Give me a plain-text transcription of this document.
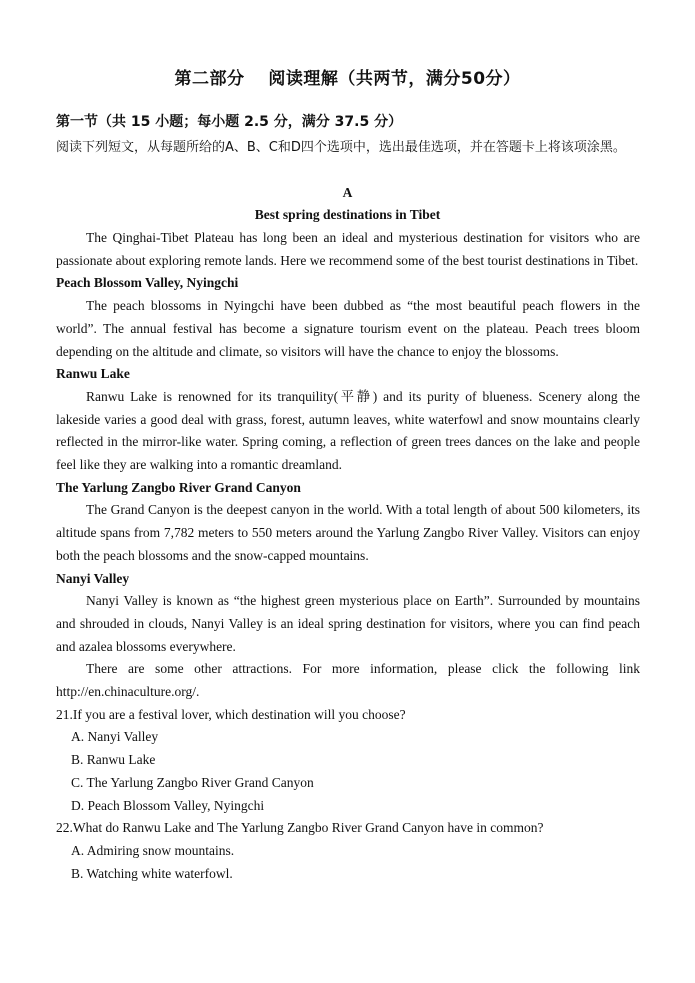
第二部分　 阅读理解（共两节，满分50分）
第一节（共 15 小题；每小题 2.5 分，满分 37.5 分）
阅读下列短文，从每题所给的A、B、C和D四个选项中，选出最佳选项，并在答题卡上将该项涂黑。
A
Best spring destinations in Tibet

The Qinghai-Tibet Plateau has long been an ideal and mysterious destination for visitors who are passionate about exploring remote lands. Here we recommend some of the best tourist destinations in Tibet.

Peach Blossom Valley, Nyingchi

The peach blossoms in Nyingchi have been dubbed as “the most beautiful peach flowers in the world”. The annual festival has become a signature tourism event on the plateau. Peach trees bloom depending on the altitude and climate, so visitors will have the chance to enjoy the blossoms.

Ranwu Lake

Ranwu Lake is renowned for its tranquility(平静) and its purity of blueness. Scenery along the lakeside varies a good deal with grass, forest, autumn leaves, white waterfowl and snow mountains clearly reflected in the mirror-like water. Spring coming, a reflection of green trees dances on the lake and people feel like they are walking into a romantic dreamland.

The Yarlung Zangbo River Grand Canyon

The Grand Canyon is the deepest canyon in the world. With a total length of about 500 kilometers, its altitude spans from 7,782 meters to 550 meters around the Yarlung Zangbo River Valley. Visitors can enjoy both the peach blossoms and the snow-capped mountains.

Nanyi Valley

Nanyi Valley is known as “the highest green mysterious place on Earth”. Surrounded by mountains and shrouded in clouds, Nanyi Valley is an ideal spring destination for visitors, where you can find peach and azalea blossoms everywhere.

There are some other attractions. For more information, please click the following link http://en.chinaculture.org/.

21.If you are a festival lover, which destination will you choose?

A. Nanyi Valley

B. Ranwu Lake

C. The Yarlung Zangbo River Grand Canyon

D. Peach Blossom Valley, Nyingchi

22.What do Ranwu Lake and The Yarlung Zangbo River Grand Canyon have in common?

A. Admiring snow mountains.

B. Watching white waterfowl.
